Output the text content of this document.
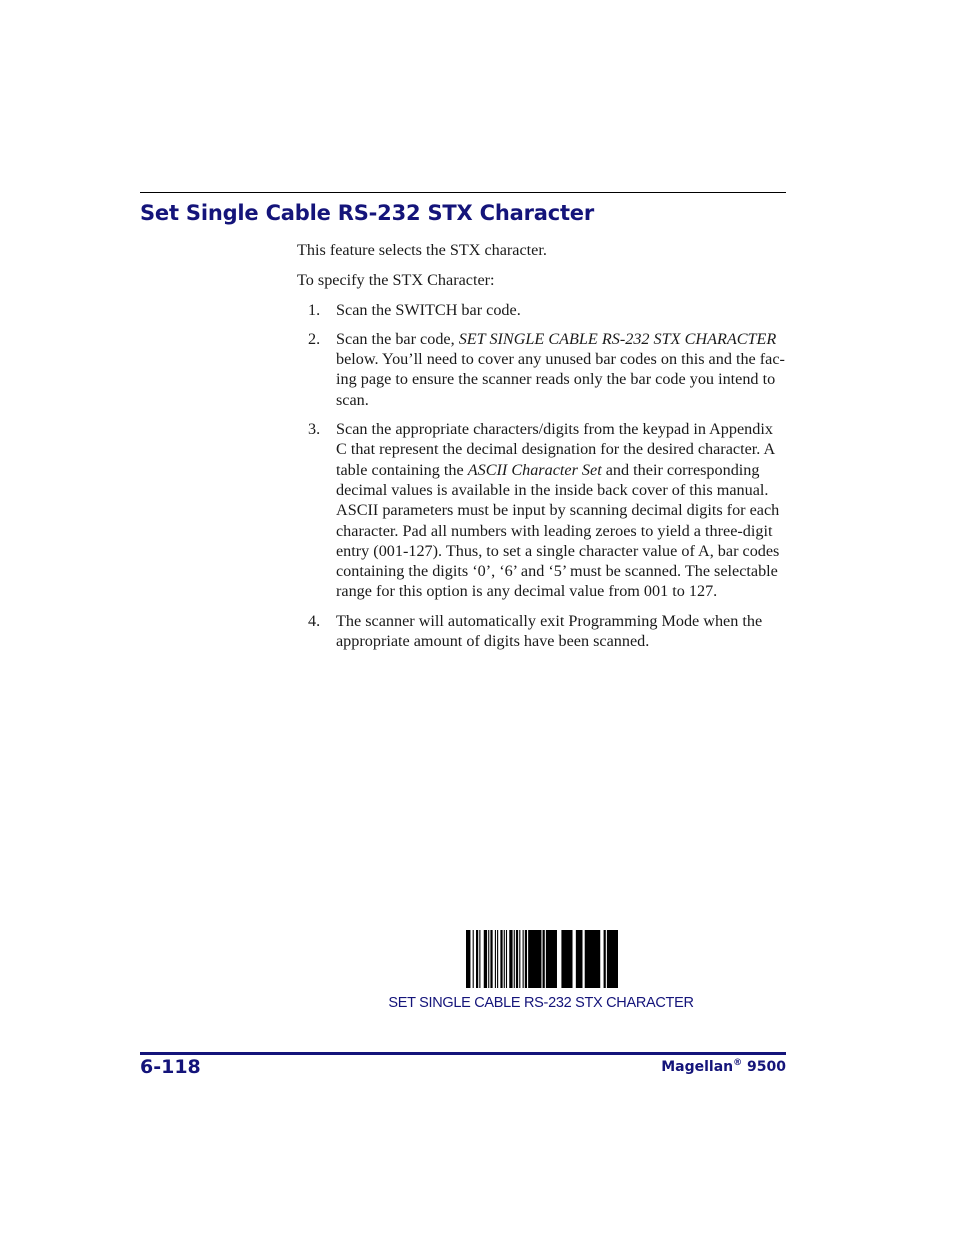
Set Single Cable RS-232 STX Character

This feature selects the STX character.

To specify the STX Character:

1. Scan the SWITCH bar code.
2. Scan the bar code, SET SINGLE CABLE RS-232 STX CHARACTER below. You’ll need to cover any unused bar codes on this and the fac-ing page to ensure the scanner reads only the bar code you intend to scan.
3. Scan the appropriate characters/digits from the keypad in Appendix C that represent the decimal designation for the desired character. A table containing the ASCII Character Set and their corresponding decimal values is available in the inside back cover of this manual. ASCII parameters must be input by scanning decimal digits for each character. Pad all numbers with leading zeroes to yield a three-digit entry (001-127). Thus, to set a single character value of A, bar codes containing the digits ‘0’, ‘6’ and ‘5’ must be scanned. The selectable range for this option is any decimal value from 001 to 127.
4. The scanner will automatically exit Programming Mode when the appropriate amount of digits have been scanned.
SET SINGLE CABLE RS-232 STX CHARACTER
6-118	Magellan® 9500
